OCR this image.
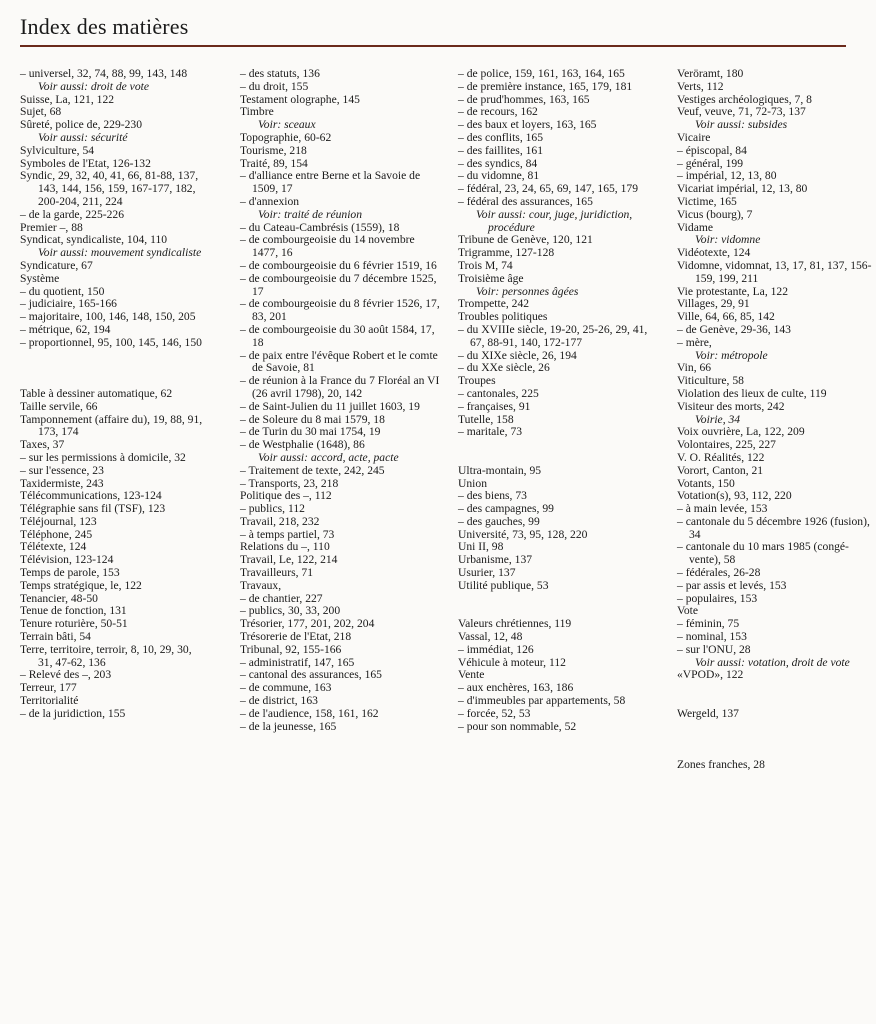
Index des matières
– universel, 32, 74, 88, 99, 143, 148
Voir aussi: droit de vote
Suisse, La, 121, 122
Sujet, 68
Sûreté, police de, 229-230
Voir aussi: sécurité
Sylviculture, 54
Symboles de l'Etat, 126-132
Syndic, 29, 32, 40, 41, 66, 81-88, 137, 143, 144, 156, 159, 167-177, 182, 200-204, 211, 224
– de la garde, 225-226
Premier –, 88
Syndicat, syndicaliste, 104, 110
Voir aussi: mouvement syndicaliste
Syndicature, 67
Système
– du quotient, 150
– judiciaire, 165-166
– majoritaire, 100, 146, 148, 150, 205
– métrique, 62, 194
– proportionnel, 95, 100, 145, 146, 150
Table à dessiner automatique, 62
Taille servile, 66
Tamponnement (affaire du), 19, 88, 91, 173, 174
Taxes, 37
– sur les permissions à domicile, 32
– sur l'essence, 23
Taxidermiste, 243
Télécommunications, 123-124
Télégraphie sans fil (TSF), 123
Téléjournal, 123
Téléphone, 245
Télétexte, 124
Télévision, 123-124
Temps de parole, 153
Temps stratégique, le, 122
Tenancier, 48-50
Tenue de fonction, 131
Tenure roturière, 50-51
Terrain bâti, 54
Terre, territoire, terroir, 8, 10, 29, 30, 31, 47-62, 136
– Relevé des –, 203
Terreur, 177
Territorialité
– de la juridiction, 155
– des statuts, 136
– du droit, 155
Testament olographe, 145
Timbre
Voir: sceaux
Topographie, 60-62
Tourisme, 218
Traité, 89, 154
– d'alliance entre Berne et la Savoie de 1509, 17
– d'annexion
Voir: traité de réunion
– du Cateau-Cambrésis (1559), 18
– de combourgeoisie du 14 novembre 1477, 16
– de combourgeoisie du 6 février 1519, 16
– de combourgeoisie du 7 décembre 1525, 17
– de combourgeoisie du 8 février 1526, 17, 83, 201
– de combourgeoisie du 30 août 1584, 17, 18
– de paix entre l'évêque Robert et le comte de Savoie, 81
– de réunion à la France du 7 Floréal an VI (26 avril 1798), 20, 142
– de Saint-Julien du 11 juillet 1603, 19
– de Soleure du 8 mai 1579, 18
– de Turin du 30 mai 1754, 19
– de Westphalie (1648), 86
Voir aussi: accord, acte, pacte
– Traitement de texte, 242, 245
– Transports, 23, 218
Politique des –, 112
– publics, 112
Travail, 218, 232
– à temps partiel, 73
Relations du –, 110
Travail, Le, 122, 214
Travailleurs, 71
Travaux,
– de chantier, 227
– publics, 30, 33, 200
Trésorier, 177, 201, 202, 204
Trésorerie de l'Etat, 218
Tribunal, 92, 155-166
– administratif, 147, 165
– cantonal des assurances, 165
– de commune, 163
– de district, 163
– de l'audience, 158, 161, 162
– de la jeunesse, 165
– de police, 159, 161, 163, 164, 165
– de première instance, 165, 179, 181
– de prud'hommes, 163, 165
– de recours, 162
– des baux et loyers, 163, 165
– des conflits, 165
– des faillites, 161
– des syndics, 84
– du vidomne, 81
– fédéral, 23, 24, 65, 69, 147, 165, 179
– fédéral des assurances, 165
Voir aussi: cour, juge, juridiction, procédure
Tribune de Genève, 120, 121
Trigramme, 127-128
Trois M, 74
Troisième âge
Voir: personnes âgées
Trompette, 242
Troubles politiques
– du XVIIIe siècle, 19-20, 25-26, 29, 41, 67, 88-91, 140, 172-177
– du XIXe siècle, 26, 194
– du XXe siècle, 26
Troupes
– cantonales, 225
– françaises, 91
Tutelle, 158
– maritale, 73
Ultra-montain, 95
Union
– des biens, 73
– des campagnes, 99
– des gauches, 99
Université, 73, 95, 128, 220
Uni II, 98
Urbanisme, 137
Usurier, 137
Utilité publique, 53
Valeurs chrétiennes, 119
Vassal, 12, 48
– immédiat, 126
Véhicule à moteur, 112
Vente
– aux enchères, 163, 186
– d'immeubles par appartements, 58
– forcée, 52, 53
– pour son nommable, 52
Veröramt, 180
Verts, 112
Vestiges archéologiques, 7, 8
Veuf, veuve, 71, 72-73, 137
Voir aussi: subsides
Vicaire
– épiscopal, 84
– général, 199
– impérial, 12, 13, 80
Vicariat impérial, 12, 13, 80
Victime, 165
Vicus (bourg), 7
Vidame
Voir: vidomne
Vidéotexte, 124
Vidomne, vidomnat, 13, 17, 81, 137, 156-159, 199, 211
Vie protestante, La, 122
Villages, 29, 91
Ville, 64, 66, 85, 142
– de Genève, 29-36, 143
– mère,
Voir: métropole
Vin, 66
Viticulture, 58
Violation des lieux de culte, 119
Visiteur des morts, 242
Voirie, 34
Voix ouvrière, La, 122, 209
Volontaires, 225, 227
V. O. Réalités, 122
Vorort, Canton, 21
Votants, 150
Votation(s), 93, 112, 220
– à main levée, 153
– cantonale du 5 décembre 1926 (fusion), 34
– cantonale du 10 mars 1985 (congé-vente), 58
– fédérales, 26-28
– par assis et levés, 153
– populaires, 153
Vote
– féminin, 75
– nominal, 153
– sur l'ONU, 28
Voir aussi: votation, droit de vote
«VPOD», 122
Wergeld, 137
Zones franches, 28
